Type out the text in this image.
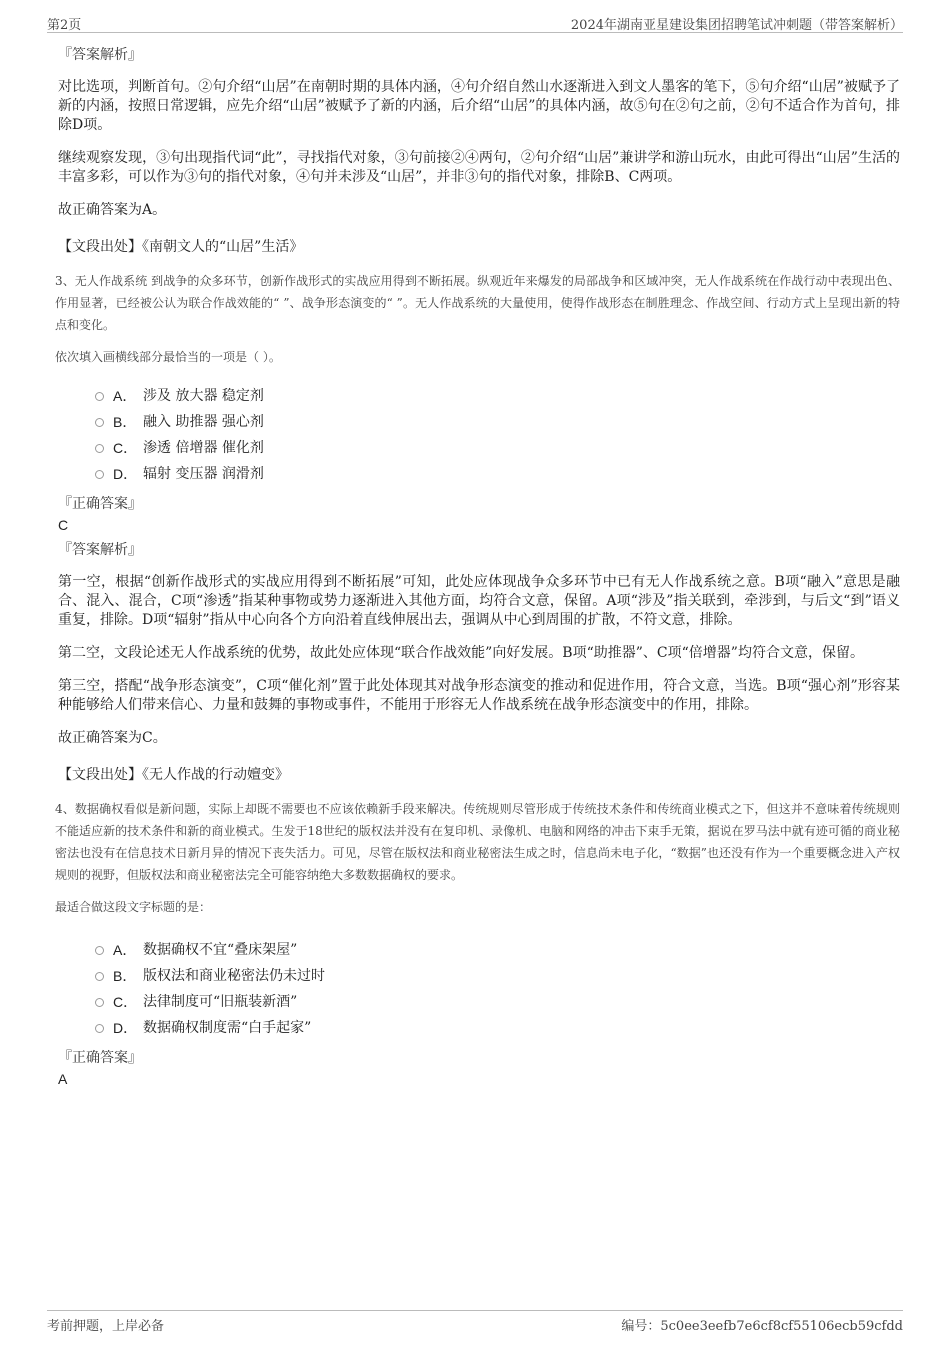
第2页	2024年湖南亚星建设集团招聘笔试冲刺题（带答案解析）
『答案解析』
对比选项，判断首句。②句介绍“山居”在南朝时期的具体内涵，④句介绍自然山水逐渐进入到文人墨客的笔下，⑤句介绍“山居”被赋予了新的内涵，按照日常逻辑，应先介绍“山居”被赋予了新的内涵，后介绍“山居”的具体内涵，故⑤句在②句之前，②句不适合作为首句，排除D项。
继续观察发现，③句出现指代词“此”，寻找指代对象，③句前接②④两句，②句介绍“山居”兼讲学和游山玩水，由此可得出“山居”生活的丰富多彩，可以作为③句的指代对象，④句并未涉及“山居”，并非③句的指代对象，排除B、C两项。
故正确答案为A。
【文段出处】《南朝文人的“山居”生活》
3、无人作战系统 到战争的众多环节，创新作战形式的实战应用得到不断拓展。纵观近年来爆发的局部战争和区域冲突，无人作战系统在作战行动中表现出色、作用显著，已经被公认为联合作战效能的“ ”、战争形态演变的“ ”。无人作战系统的大量使用，使得作战形态在制胜理念、作战空间、行动方式上呈现出新的特点和变化。
依次填入画横线部分最恰当的一项是（ ）。
A． 涉及 放大器 稳定剂
B． 融入 助推器 强心剂
C． 渗透 倍增器 催化剂
D． 辐射 变压器 润滑剂
『正确答案』
C
『答案解析』
第一空，根据“创新作战形式的实战应用得到不断拓展”可知，此处应体现战争众多环节中已有无人作战系统之意。B项“融入”意思是融合、混入、混合，C项“渗透”指某种事物或势力逐渐进入其他方面，均符合文意，保留。A项“涉及”指关联到，牵涉到，与后文“到”语义重复，排除。D项“辐射”指从中心向各个方向沿着直线伸展出去，强调从中心到周围的扩散，不符文意，排除。
第二空，文段论述无人作战系统的优势，故此处应体现“联合作战效能”向好发展。B项“助推器”、C项“倍增器”均符合文意，保留。
第三空，搭配“战争形态演变”，C项“催化剂”置于此处体现其对战争形态演变的推动和促进作用，符合文意，当选。B项“强心剂”形容某种能够给人们带来信心、力量和鼓舞的事物或事件，不能用于形容无人作战系统在战争形态演变中的作用，排除。
故正确答案为C。
【文段出处】《无人作战的行动嬗变》
4、数据确权看似是新问题，实际上却既不需要也不应该依赖新手段来解决。传统规则尽管形成于传统技术条件和传统商业模式之下，但这并不意味着传统规则不能适应新的技术条件和新的商业模式。生发于18世纪的版权法并没有在复印机、录像机、电脑和网络的冲击下束手无策，据说在罗马法中就有迹可循的商业秘密法也没有在信息技术日新月异的情况下丧失活力。可见，尽管在版权法和商业秘密法生成之时，信息尚未电子化，“数据”也还没有作为一个重要概念进入产权规则的视野，但版权法和商业秘密法完全可能容纳绝大多数数据确权的要求。
最适合做这段文字标题的是：
A． 数据确权不宜“叠床架屋”
B． 版权法和商业秘密法仍未过时
C． 法律制度可“旧瓶装新酒”
D． 数据确权制度需“白手起家”
『正确答案』
A
考前押题，上岸必备	编号：5c0ee3eefb7e6cf8cf55106ecb59cfdd
